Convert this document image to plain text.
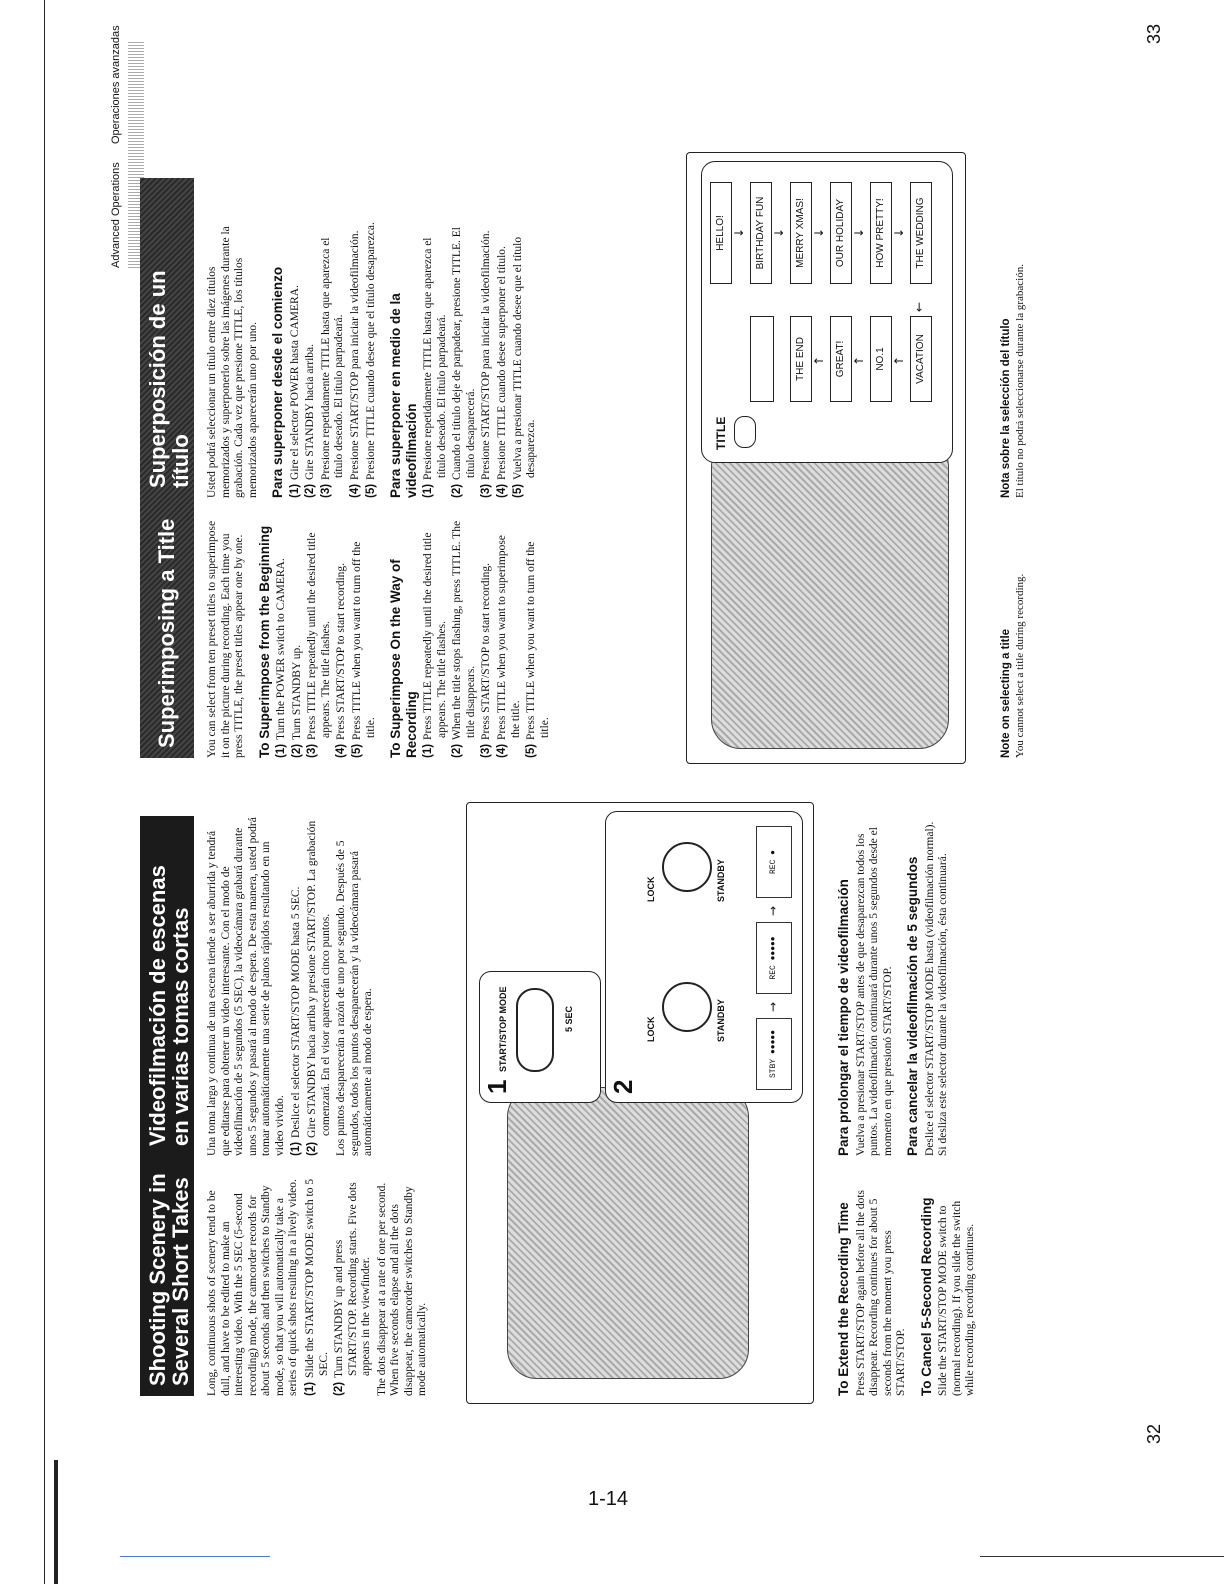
1-14
32
Shooting Scenery in
Several Short Takes
Videofilmación de escenas
en varias tomas cortas

Long, continuous shots of scenery tend to be dull, and have to be edited to make an interesting video. With the 5 SEC (5-second recording) mode, the camcorder records for about 5 seconds and then switches to Standby mode, so that you will automatically take a series of quick shots resulting in a lively video. (1)Slide the START/STOP MODE switch to 5 SEC.
(2)Turn STANDBY up and press START/STOP. Recording starts. Five dots appears in the viewfinder. The dots disappear at a rate of one per second. When five seconds elapse and all the dots disappear, the camcorder switches to Standby mode automatically.

Una toma larga y continua de una escena tiende a ser aburrida y tendrá que editarse para obtener un video interesante. Con el modo de videofilmación de 5 segundos (5 SEC), la videocámara grabará durante unos 5 segundos y pasará al modo de espera. De esta manera, usted podrá tomar automáticamente una serie de planos rápidos resultando en un video vivido. (1)Deslice el selector START/STOP MODE hasta 5 SEC.
(2)Gire STANDBY hacia arriba y presione START/STOP. La grabación comenzará. En el visor aparecerán cinco puntos. Los puntos desaparecerán a razón de uno por segundo. Después de 5 segundos, todos los puntos desaparecerán y la videocámara pasará automáticamente al modo de espera.	1
START/STOP MODE	5 SEC
2
STBY ●●●●●
→
REC ●●●●●
→
REC ●
LOCK	STANDBY
LOCK	STANDBY
To Extend the Recording Time Press START/STOP again before all the dots disappear. Recording continues for about 5 seconds from the moment you press START/STOP. To Cancel 5-Second Recording Slide the START/STOP MODE switch to (normal recording). If you slide the switch while recording, recording continues.

Para prolongar el tiempo de videofilmación Vuelva a presionar START/STOP antes de que desaparezcan todos los puntos. La videofilmación continuará durante unos 5 segundos desde el momento en que presionó START/STOP. Para cancelar la videofilmación de 5 segundos Deslice el selector START/STOP MODE hasta (videofilmación normal). Si desliza este selector durante la videofilmación, ésta continuará.

Advanced Operations
Operaciones avanzadas	33
Superimposing a Title
Superposición de un
título

You can select from ten preset titles to superimpose it on the picture during recording. Each time you press TITLE, the preset titles appear one by one. To Superimpose from the Beginning (1)Turn the POWER switch to CAMERA.
(2)Turn STANDBY up.
(3)Press TITLE repeatedly until the desired title appears. The title flashes.
(4)Press START/STOP to start recording.
(5)Press TITLE when you want to turn off the title. To Superimpose On the Way of Recording (1)Press TITLE repeatedly until the desired title appears. The title flashes.
(2)When the title stops flashing, press TITLE. The title disappears.
(3)Press START/STOP to start recording.
(4)Press TITLE when you want to superimpose the title.
(5)Press TITLE when you want to turn off the title.

Usted podrá seleccionar un título entre diez títulos memorizados y superponerlo sobre las imágenes durante la grabación. Cada vez que presione TITLE, los títulos memorizados aparecerán uno por uno. Para superponer desde el comienzo (1)Gire el selector POWER hasta CAMERA.
(2)Gire STANDBY hacia arriba.
(3)Presione repetidamente TITLE hasta que aparezca el título deseado. El título parpadeará.
(4)Presione START/STOP para iniciar la videofilmación.
(5)Presione TITLE cuando desee que el título desaparezca. Para superponer en medio de la videofilmación (1)Presione repetidamente TITLE hasta que aparezca el título deseado. El título parpadeará.
(2)Cuando el título deje de parpadear, presione TITLE. El título desaparecerá.
(3)Presione START/STOP para iniciar la videofilmación.
(4)Presione TITLE cuando desee superponer el título.
(5)Vuelva a presionar TITLE cuando desee que el título desaparezca.	TITLE
HELLO! ↓ BIRTHDAY FUN ↓ MERRY XMAS! ↓ OUR HOLIDAY ↓ HOW PRETTY! ↓ THE WEDDING
←
VACATION
↑
NO.1
↑
GREAT!
↑
THE END
Note on selecting a title You cannot select a title during recording.
Nota sobre la selección del título El título no podrá seleccionarse durante la grabación.
